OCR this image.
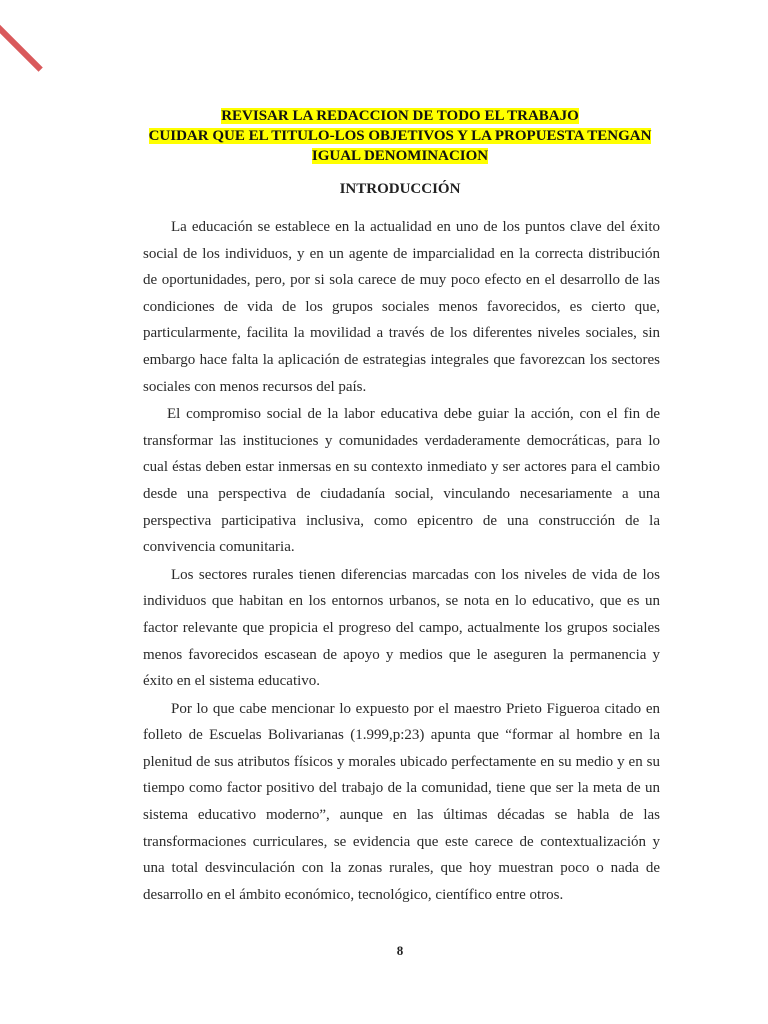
REVISAR LA REDACCION DE TODO EL TRABAJO
CUIDAR QUE EL TITULO-LOS OBJETIVOS Y LA PROPUESTA TENGAN
IGUAL DENOMINACION
INTRODUCCIÓN

La educación se establece en la actualidad en uno de los puntos clave del éxito social de los individuos, y en un agente de imparcialidad en la correcta distribución de oportunidades, pero, por si sola carece de muy poco efecto en el desarrollo de las condiciones de vida de los grupos sociales menos favorecidos, es cierto que, particularmente, facilita la movilidad a través de los diferentes niveles sociales, sin embargo hace falta la aplicación de estrategias integrales que favorezcan los sectores sociales con menos recursos del país.

El compromiso social de la labor educativa debe guiar la acción, con el fin de transformar las instituciones y comunidades verdaderamente democráticas, para lo cual éstas deben estar inmersas en su contexto inmediato y ser actores para el cambio desde una perspectiva de ciudadanía social, vinculando necesariamente a una perspectiva participativa inclusiva, como epicentro de una construcción de la convivencia comunitaria.

Los sectores rurales tienen diferencias marcadas con los niveles de vida de los individuos que habitan en los entornos urbanos, se nota en lo educativo, que es un factor relevante que propicia el progreso del campo, actualmente los grupos sociales menos favorecidos escasean de apoyo y medios que le aseguren la permanencia y éxito en el sistema educativo.

Por lo que cabe mencionar lo expuesto por el maestro Prieto Figueroa citado en folleto de Escuelas Bolivarianas (1.999,p:23) apunta que “formar al hombre en la plenitud de sus atributos físicos y morales ubicado perfectamente en su medio y en su tiempo como factor positivo del trabajo de la comunidad, tiene que ser la meta de un sistema educativo moderno”, aunque en las últimas décadas se habla de las transformaciones curriculares, se evidencia que este carece de contextualización y una total desvinculación con la zonas rurales, que hoy muestran poco o nada de desarrollo en el ámbito económico, tecnológico, científico entre otros.

8
